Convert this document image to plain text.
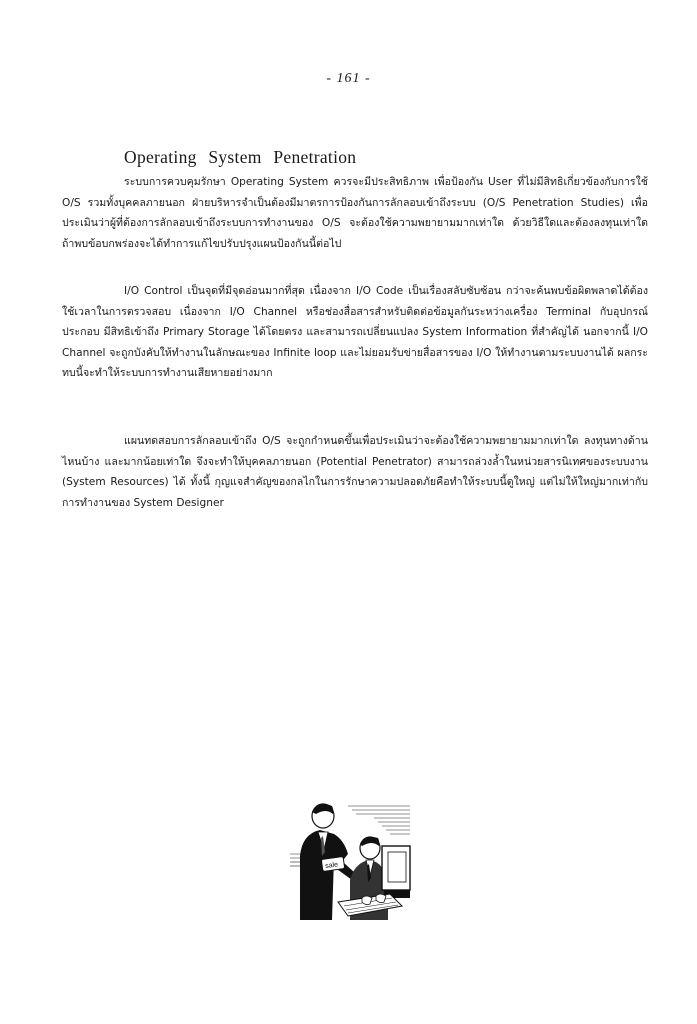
- 161 -
Operating System Penetration

ระบบการควบคุมรักษา Operating System ควรจะมีประสิทธิภาพ เพื่อป้องกัน User ที่ไม่มีสิทธิเกี่ยวข้องกับการใช้ O/S รวมทั้งบุคคลภายนอก ฝ่ายบริหารจำเป็นต้องมีมาตรการป้องกันการลักลอบเข้าถึงระบบ (O/S Penetration Studies) เพื่อประเมินว่าผู้ที่ต้องการลักลอบเข้าถึงระบบการทำงานของ O/S จะต้องใช้ความพยายามมากเท่าใด ด้วยวิธีใดและต้องลงทุนเท่าใด ถ้าพบข้อบกพร่องจะได้ทำการแก้ไขปรับปรุงแผนป้องกันนี้ต่อไป

I/O Control เป็นจุดที่มีจุดอ่อนมากที่สุด เนื่องจาก I/O Code เป็นเรื่องสลับซับซ้อน กว่าจะค้นพบข้อผิดพลาดได้ต้องใช้เวลาในการตรวจสอบ เนื่องจาก I/O Channel หรือช่องสื่อสารสำหรับติดต่อข้อมูลกันระหว่างเครื่อง Terminal กับอุปกรณ์ประกอบ มีสิทธิเข้าถึง Primary Storage ได้โดยตรง และสามารถเปลี่ยนแปลง System Information ที่สำคัญได้ นอกจากนี้ I/O Channel จะถูกบังคับให้ทำงานในลักษณะของ Infinite loop และไม่ยอมรับข่ายสื่อสารของ I/O ให้ทำงานตามระบบงานได้ ผลกระทบนี้จะทำให้ระบบการทำงานเสียหายอย่างมาก

แผนทดสอบการลักลอบเข้าถึง O/S จะถูกกำหนดขึ้นเพื่อประเมินว่าจะต้องใช้ความพยายามมากเท่าใด ลงทุนทางด้านไหนบ้าง และมากน้อยเท่าใด จึงจะทำให้บุคคลภายนอก (Potential Penetrator) สามารถล่วงล้ำในหน่วยสารนิเทศของระบบงาน (System Resources) ได้ ทั้งนี้ กุญแจสำคัญของกลไกในการรักษาความปลอดภัยคือทำให้ระบบนี้ดูใหญ่ แต่ไม่ให้ใหญ่มากเท่ากับการทำงานของ System Designer

sale
